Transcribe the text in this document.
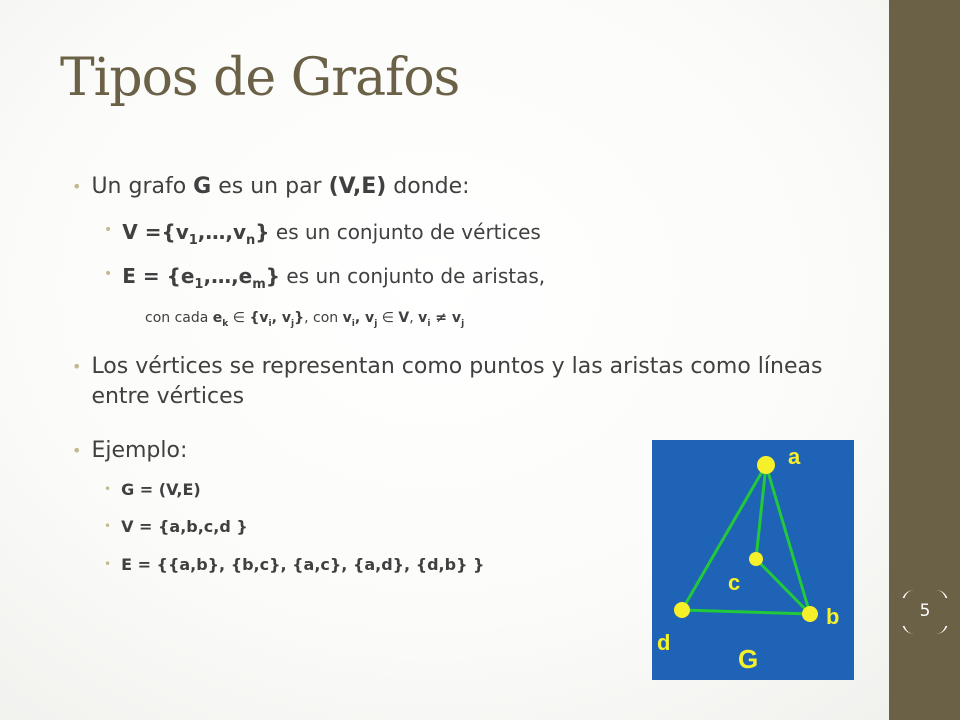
5
Tipos de Grafos
• Un grafo G es un par (V,E) donde:
• $V =\{v_1,\dots,v_n\}$ es un conjunto de vértices
• $E = \{e_1,\dots,e_m\}$ es un conjunto de aristas,
con cada $e_k$ ∈ {$v_i$, $v_j$}, con $v_i$, $v_j$ ∈ V, $v_i \ne v_j$
• Los vértices se representan como puntos y las aristas como líneas entre vértices
• Ejemplo:
• G = (V,E)
• V = {a,b,c,d }
• E = {{a,b}, {b,c}, {a,c}, {a,d}, {d,b} }
a
c
b
d
G
